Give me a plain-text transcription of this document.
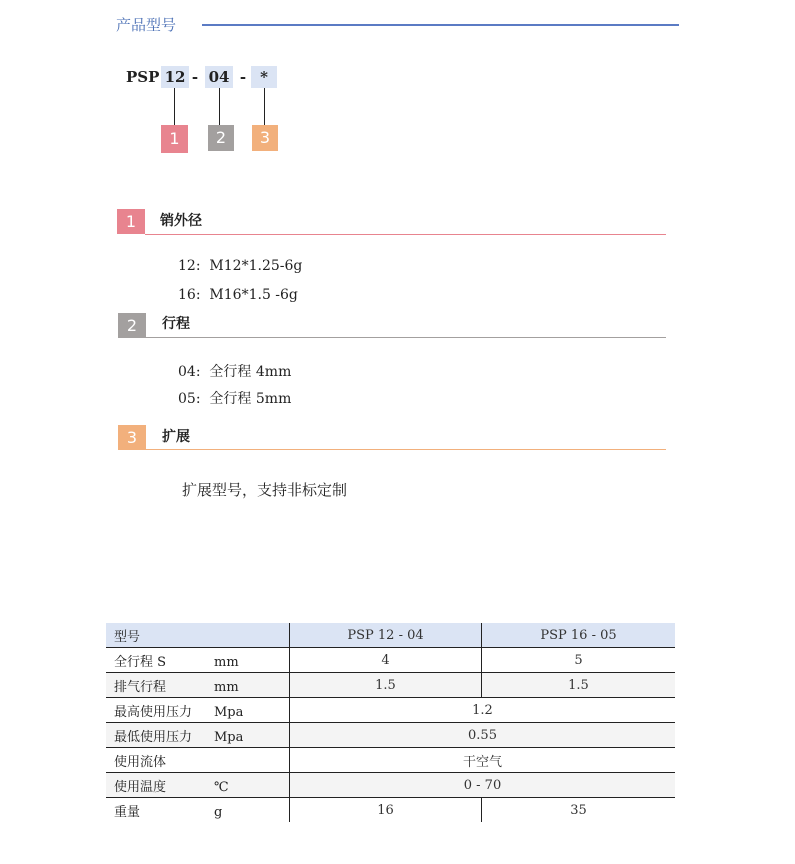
产品型号
PSP 12 - 04 - *
1	2	3
1	销外径
12:  M12*1.25-6g
16:  M16*1.5 -6g
2	行程
04:  全行程 4mm
05:  全行程 5mm
3	扩展
扩展型号，支持非标定制
型号	PSP 12 - 04	PSP 16 - 05
全行程 S mm	4	5
排气行程 mm	1.5	1.5
最高使用压力 Mpa	1.2	
最低使用压力 Mpa	0.55	
使用流体	干空气	
使用温度 ℃	0 - 70	
重量 g	16	35
